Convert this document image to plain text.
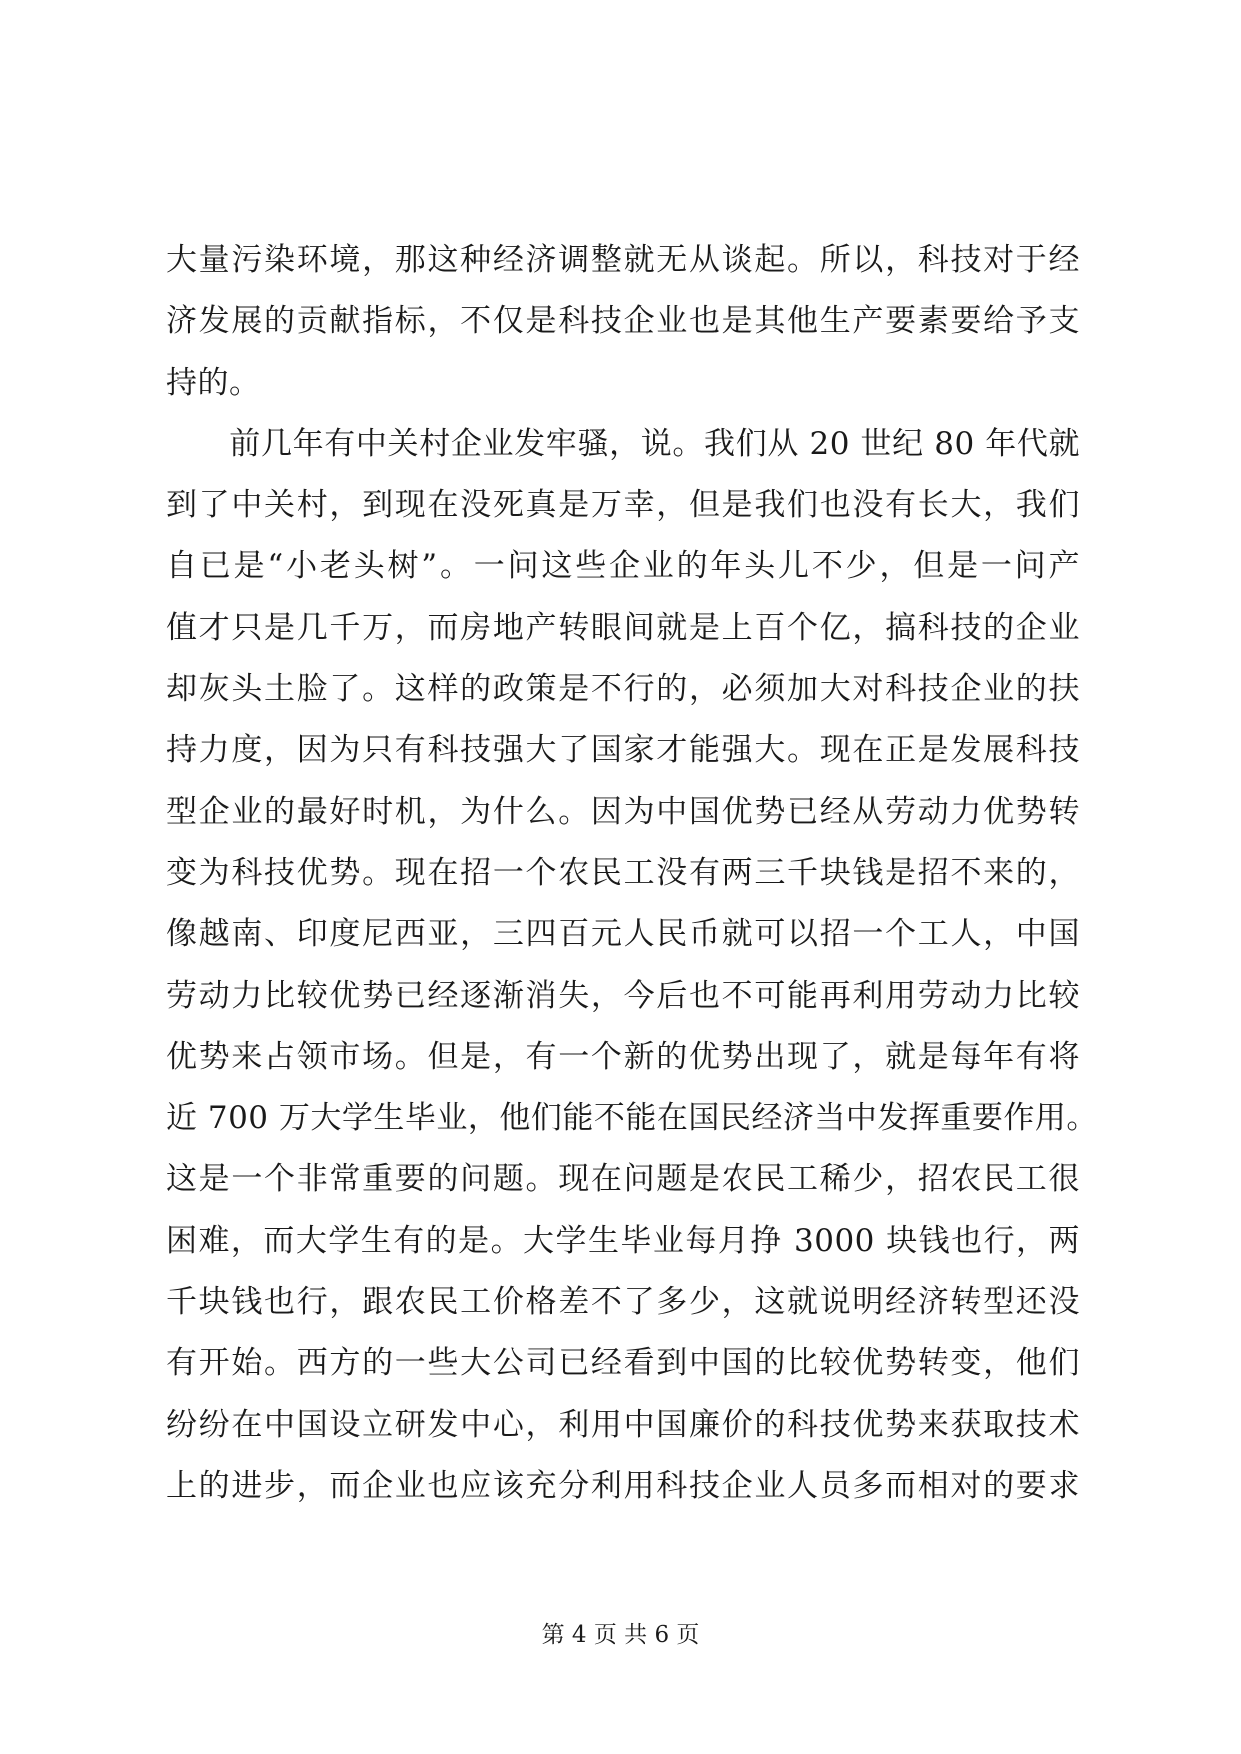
大量污染环境，那这种经济调整就无从谈起。所以，科技对于经
济发展的贡献指标，不仅是科技企业也是其他生产要素要给予支
持的。
　　前几年有中关村企业发牢骚，说。我们从 20 世纪 80 年代就
到了中关村，到现在没死真是万幸，但是我们也没有长大，我们
自已是“小老头树”。一问这些企业的年头儿不少，但是一问产
值才只是几千万，而房地产转眼间就是上百个亿，搞科技的企业
却灰头土脸了。这样的政策是不行的，必须加大对科技企业的扶
持力度，因为只有科技强大了国家才能强大。现在正是发展科技
型企业的最好时机，为什么。因为中国优势已经从劳动力优势转
变为科技优势。现在招一个农民工没有两三千块钱是招不来的，
像越南、印度尼西亚，三四百元人民币就可以招一个工人，中国
劳动力比较优势已经逐渐消失，今后也不可能再利用劳动力比较
优势来占领市场。但是，有一个新的优势出现了，就是每年有将
近 700 万大学生毕业，他们能不能在国民经济当中发挥重要作用。
这是一个非常重要的问题。现在问题是农民工稀少，招农民工很
困难，而大学生有的是。大学生毕业每月挣 3000 块钱也行，两
千块钱也行，跟农民工价格差不了多少，这就说明经济转型还没
有开始。西方的一些大公司已经看到中国的比较优势转变，他们
纷纷在中国设立研发中心，利用中国廉价的科技优势来获取技术
上的进步，而企业也应该充分利用科技企业人员多而相对的要求
第 4 页 共 6 页
